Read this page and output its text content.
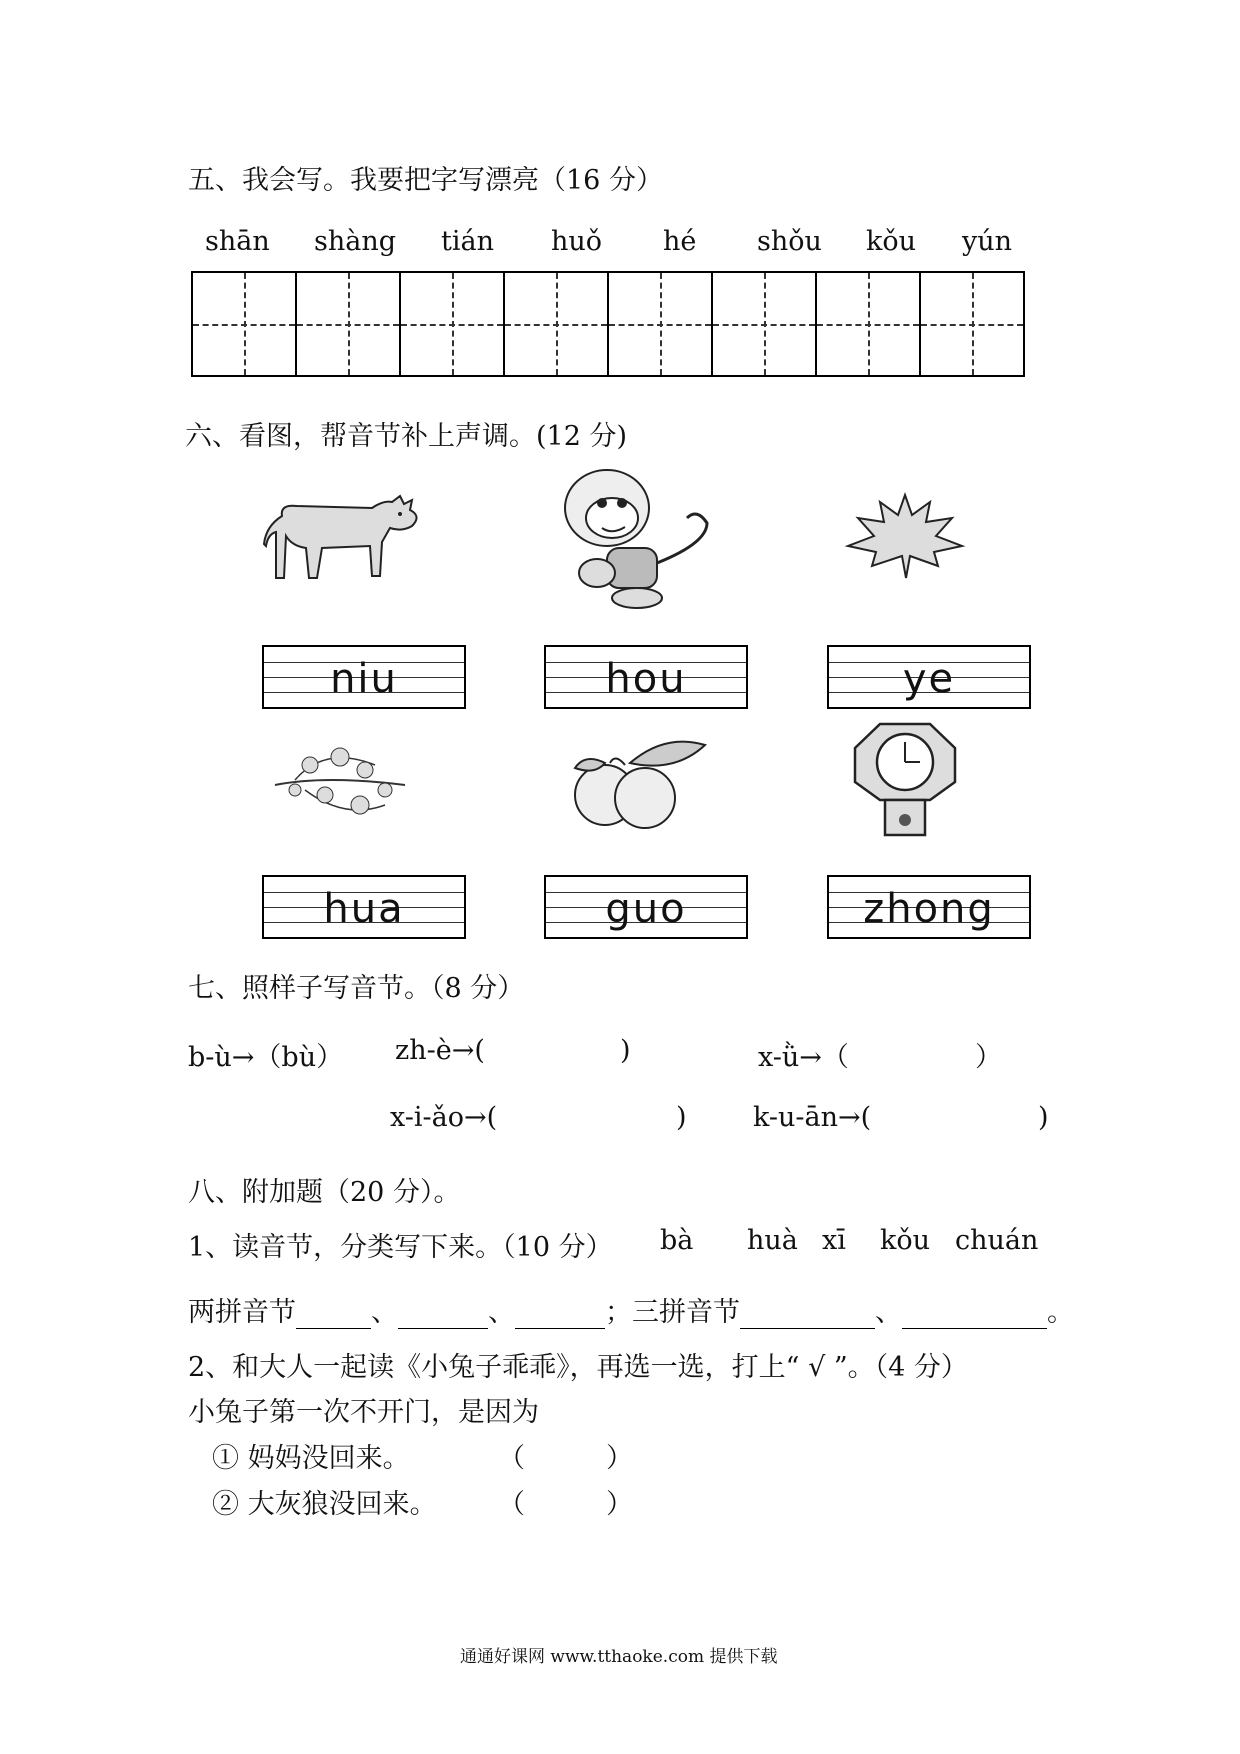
五、我会写。我要把字写漂亮（16 分）
shān shàng tián huǒ hé shǒu kǒu yún
六、看图，帮音节补上声调。(12 分)
niu	hou	ye
hua	guo	zhong
七、照样子写音节。（8 分）
b-ù→（bù） zh-è→(	)	x-ǜ→（	）
x-i-ǎo→(	) k-u-ān→(	)
八、附加题（20 分）。
1、读音节，分类写下来。（10 分） bà huà xī kǒu chuán
两拼音节	、	、	；三拼音节	、	。
2、和大人一起读《小兔子乖乖》，再选一选，打上“ √ ”。（4 分）
小兔子第一次不开门，是因为
① 妈妈没回来。	（　　　）
② 大灰狼没回来。 （　　　）
通通好课网 www.tthaoke.com 提供下载
